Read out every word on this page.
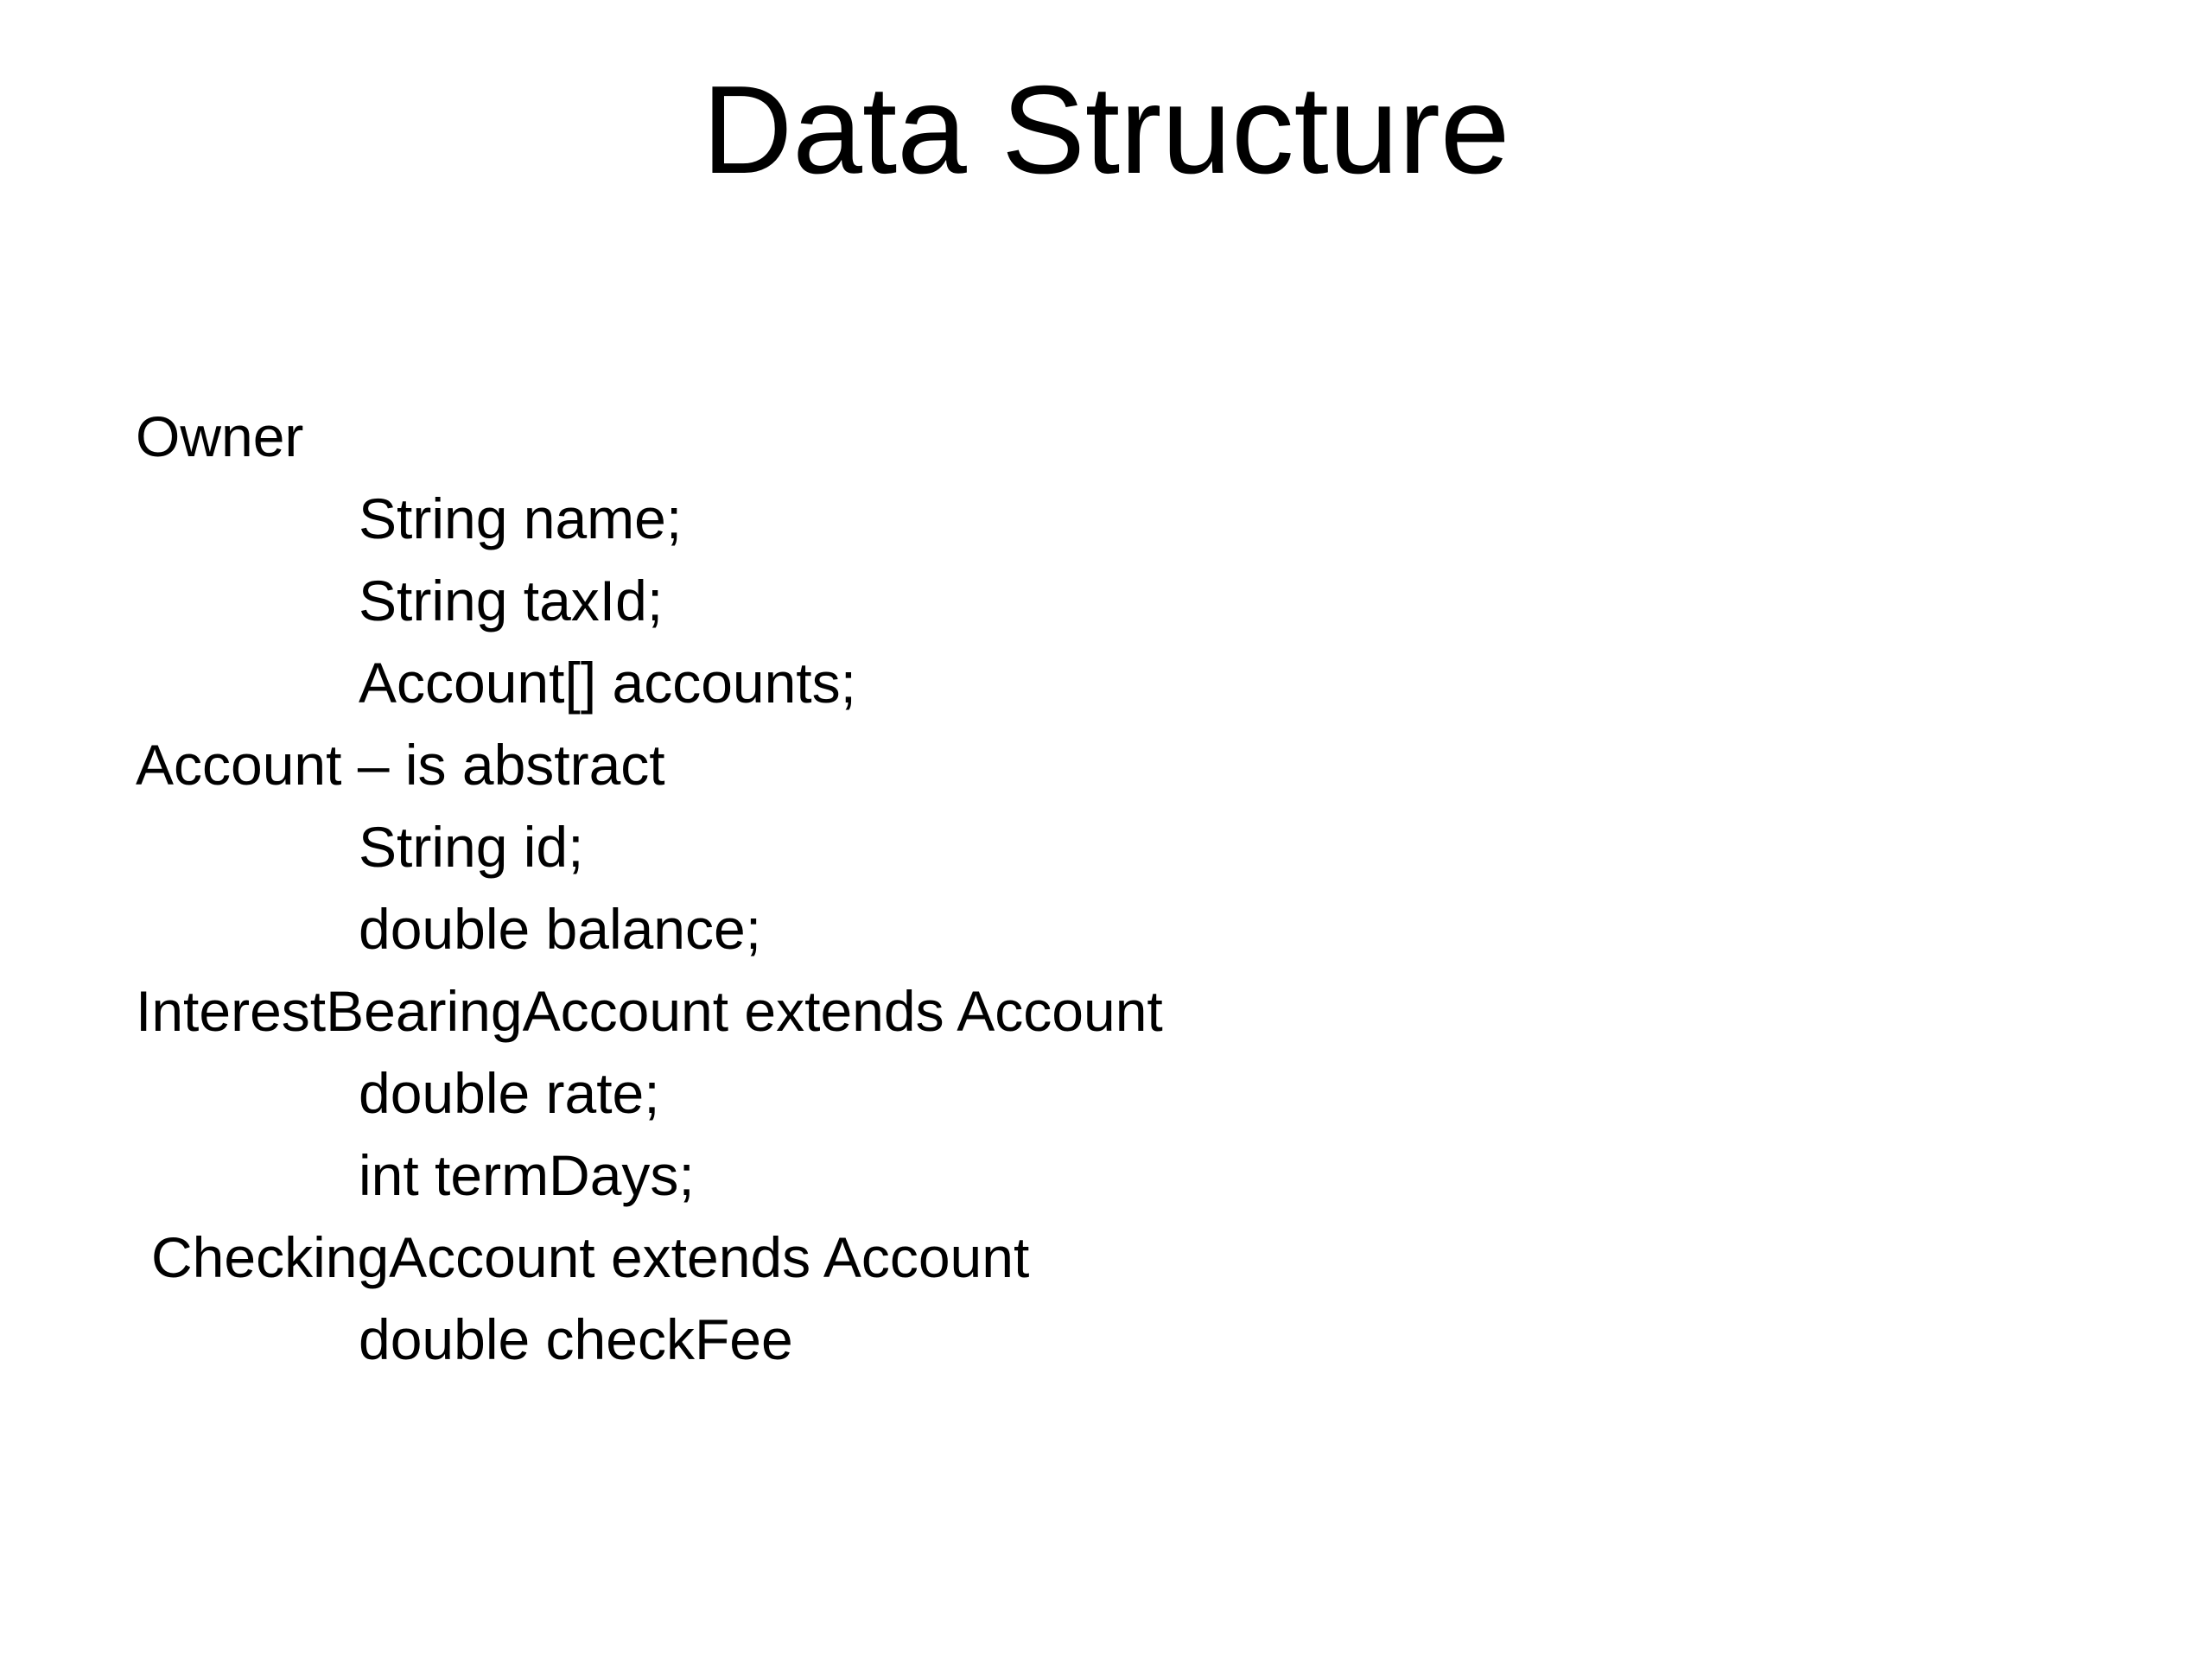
Data Structure
Owner
String name;
String taxId;
Account[] accounts;
Account – is abstract
String id;
double balance;
InterestBearingAccount extends Account
double rate;
int termDays;
CheckingAccount extends Account
double checkFee
